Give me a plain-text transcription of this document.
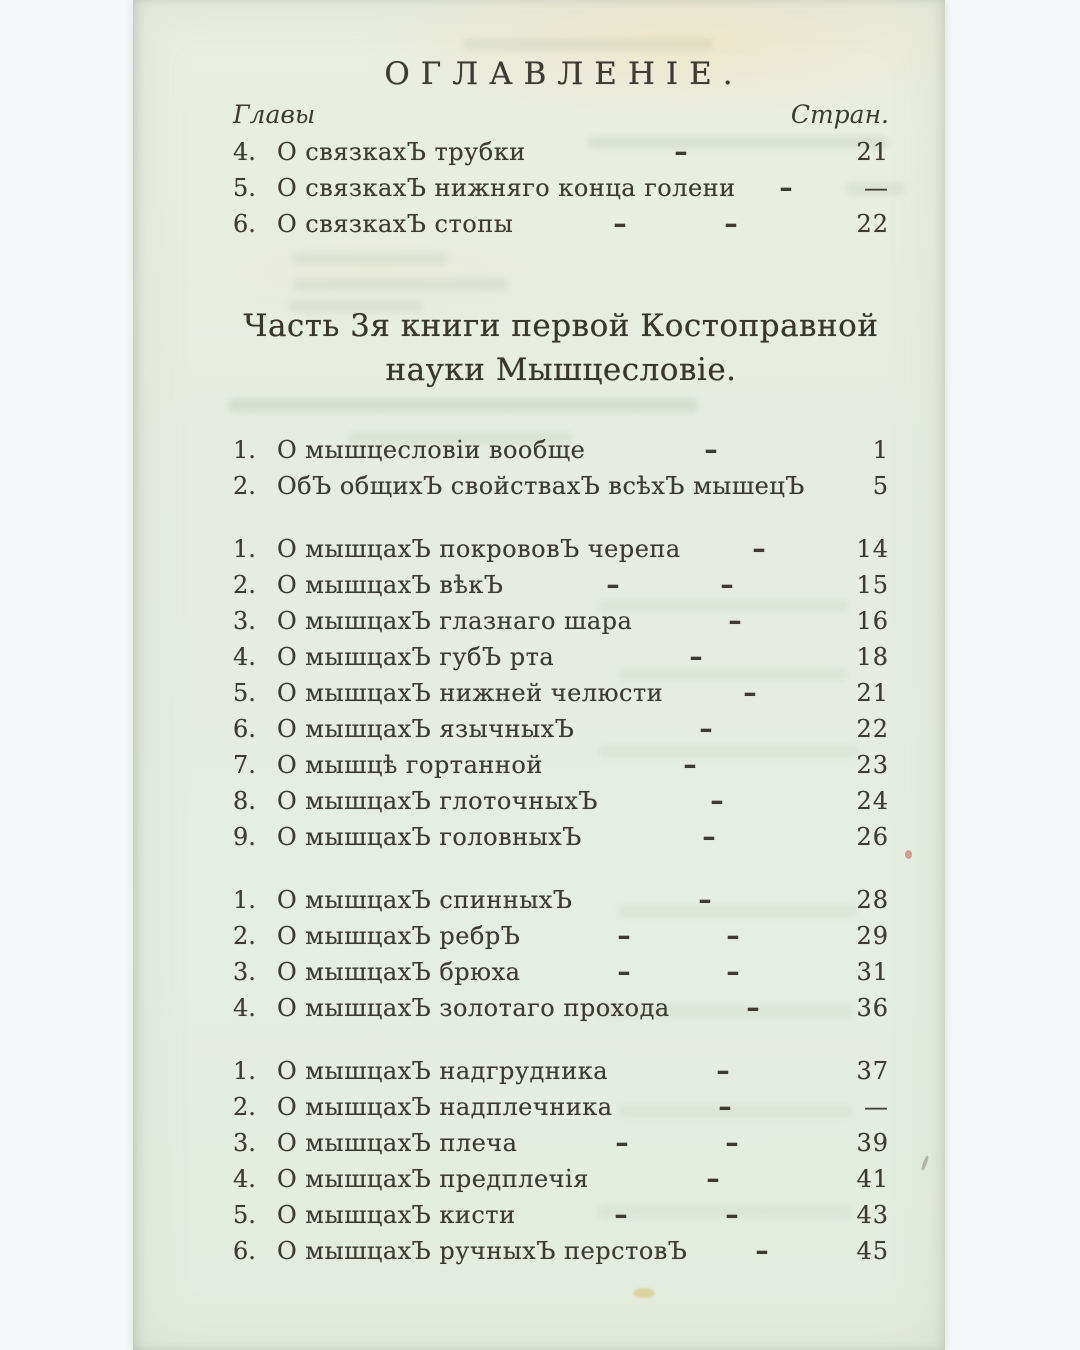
ОГЛАВЛЕНІЕ.
Главы	Стран.
4. О связкахЪ трубки	-	21
5. О связкахЪ нижняго конца голени -	—
6. О связкахЪ стопы	-	-	22
Часть 3я книги первой Костоправной
науки Мышцесловіе.
1. О мышцесловіи вообще	-	1
2. ОбЪ общихЪ свойствахЪ всѣхЪ мышецЪ	5
1. О мышцахЪ покрововЪ черепа	-	14
2. О мышцахЪ вѣкЪ	-	-	15
3. О мышцахЪ глазнаго шара	-	16
4. О мышцахЪ губЪ рта	-	18
5. О мышцахЪ нижней челюсти	-	21
6. О мышцахЪ язычныхЪ	-	22
7. О мышцѣ гортанной	-	23
8. О мышцахЪ глоточныхЪ	-	24
9. О мышцахЪ головныхЪ	-	26
1. О мышцахЪ спинныхЪ	-	28
2. О мышцахЪ ребрЪ	-	-	29
3. О мышцахЪ брюха	-	-	31
4. О мышцахЪ золотаго прохода	-	36
1. О мышцахЪ надгрудника	-	37
2. О мышцахЪ надплечника	-	—
3. О мышцахЪ плеча	-	-	39
4. О мышцахЪ предплечія	-	41
5. О мышцахЪ кисти	-	-	43
6. О мышцахЪ ручныхЪ перстовЪ	-	45
